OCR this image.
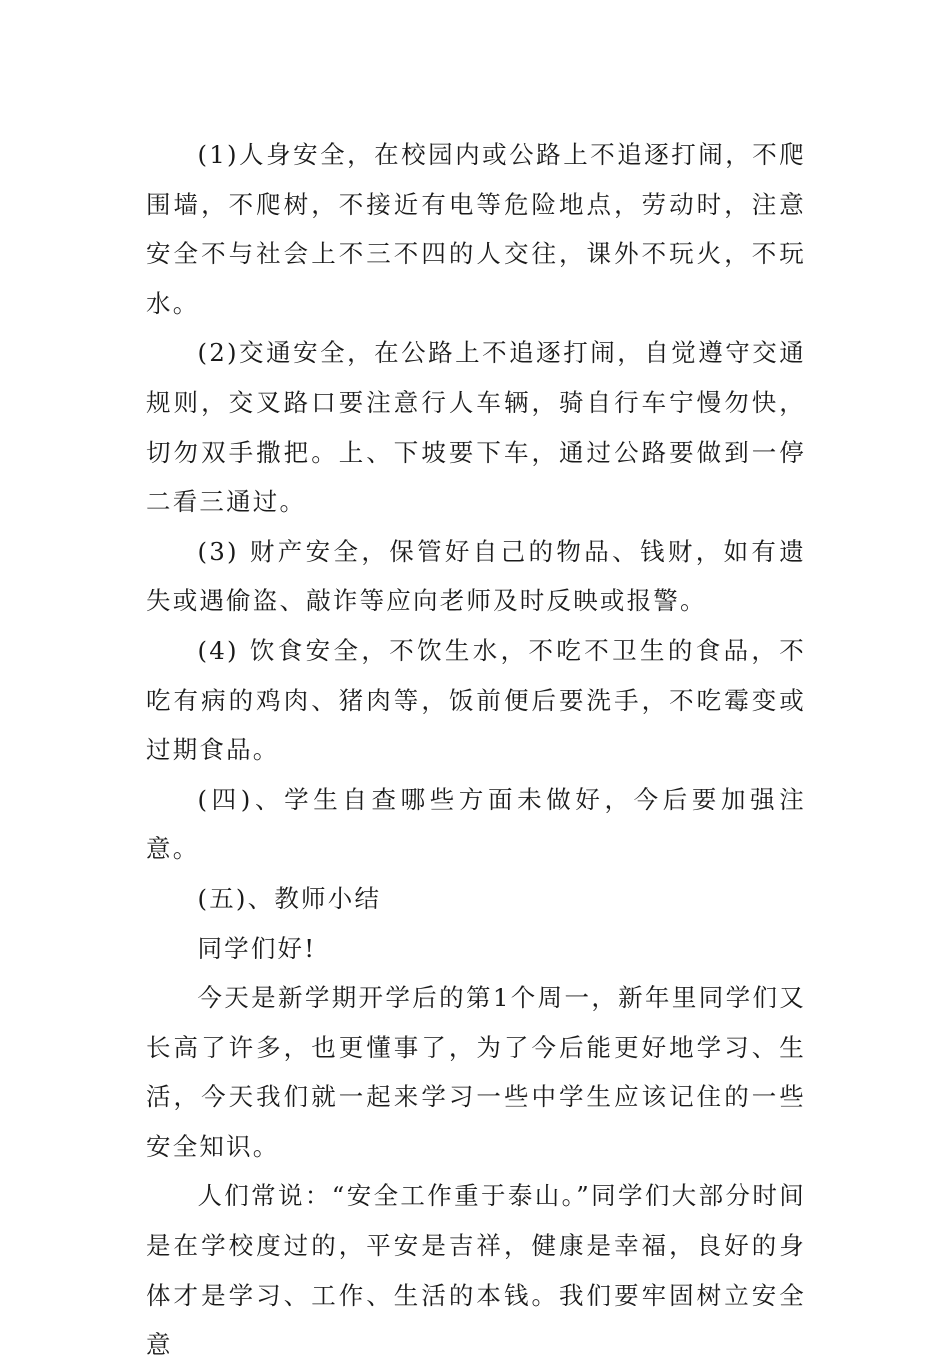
(1)人身安全，在校园内或公路上不追逐打闹，不爬围墙，不爬树，不接近有电等危险地点，劳动时，注意安全不与社会上不三不四的人交往，课外不玩火，不玩水。

(2)交通安全，在公路上不追逐打闹，自觉遵守交通规则，交叉路口要注意行人车辆，骑自行车宁慢勿快，切勿双手撒把。上、下坡要下车，通过公路要做到一停二看三通过。

(3) 财产安全，保管好自己的物品、钱财，如有遗失或遇偷盗、敲诈等应向老师及时反映或报警。

(4) 饮食安全，不饮生水，不吃不卫生的食品，不吃有病的鸡肉、猪肉等，饭前便后要洗手，不吃霉变或过期食品。

(四)、学生自查哪些方面未做好，今后要加强注意。

(五)、教师小结

同学们好!

今天是新学期开学后的第1个周一，新年里同学们又长高了许多，也更懂事了，为了今后能更好地学习、生活，今天我们就一起来学习一些中学生应该记住的一些安全知识。

人们常说：“安全工作重于泰山。”同学们大部分时间是在学校度过的，平安是吉祥，健康是幸福，良好的身体才是学习、工作、生活的本钱。我们要牢固树立安全意
